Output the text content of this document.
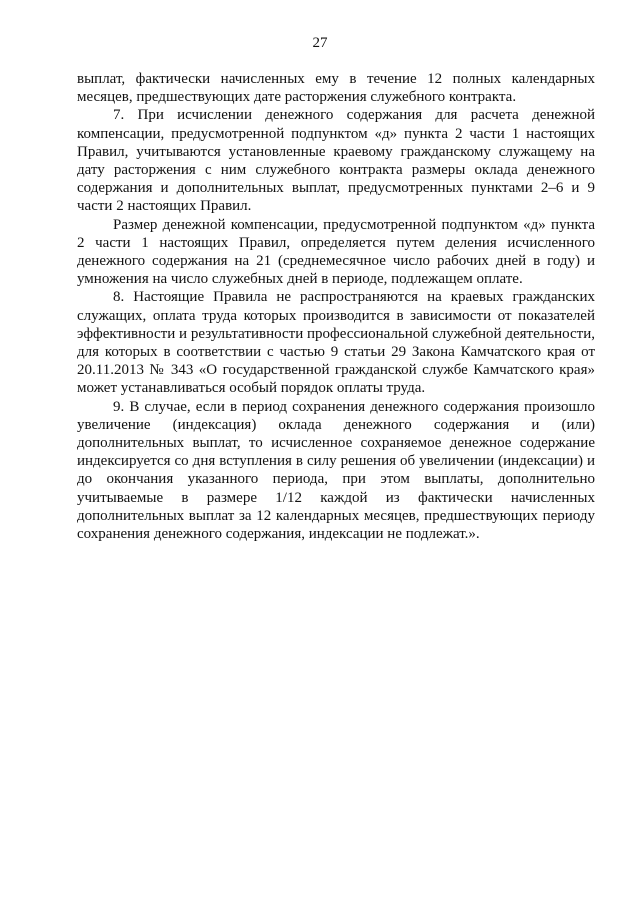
27

выплат, фактически начисленных ему в течение 12 полных календарных месяцев, предшествующих дате расторжения служебного контракта.

7. При исчислении денежного содержания для расчета денежной компенсации, предусмотренной подпунктом «д» пункта 2 части 1 настоящих Правил, учитываются установленные краевому гражданскому служащему на дату расторжения с ним служебного контракта размеры оклада денежного содержания и дополнительных выплат, предусмотренных пунктами 2–6 и 9 части 2 настоящих Правил.

Размер денежной компенсации, предусмотренной подпунктом «д» пункта 2 части 1 настоящих Правил, определяется путем деления исчисленного денежного содержания на 21 (среднемесячное число рабочих дней в году) и умножения на число служебных дней в периоде, подлежащем оплате.

8. Настоящие Правила не распространяются на краевых гражданских служащих, оплата труда которых производится в зависимости от показателей эффективности и результативности профессиональной служебной деятельности, для которых в соответствии с частью 9 статьи 29 Закона Камчатского края от 20.11.2013 № 343 «О государственной гражданской службе Камчатского края» может устанавливаться особый порядок оплаты труда.

9. В случае, если в период сохранения денежного содержания произошло увеличение (индексация) оклада денежного содержания и (или) дополнительных выплат, то исчисленное сохраняемое денежное содержание индексируется со дня вступления в силу решения об увеличении (индексации) и до окончания указанного периода, при этом выплаты, дополнительно учитываемые в размере 1/12 каждой из фактически начисленных дополнительных выплат за 12 календарных месяцев, предшествующих периоду сохранения денежного содержания, индексации не подлежат.».
